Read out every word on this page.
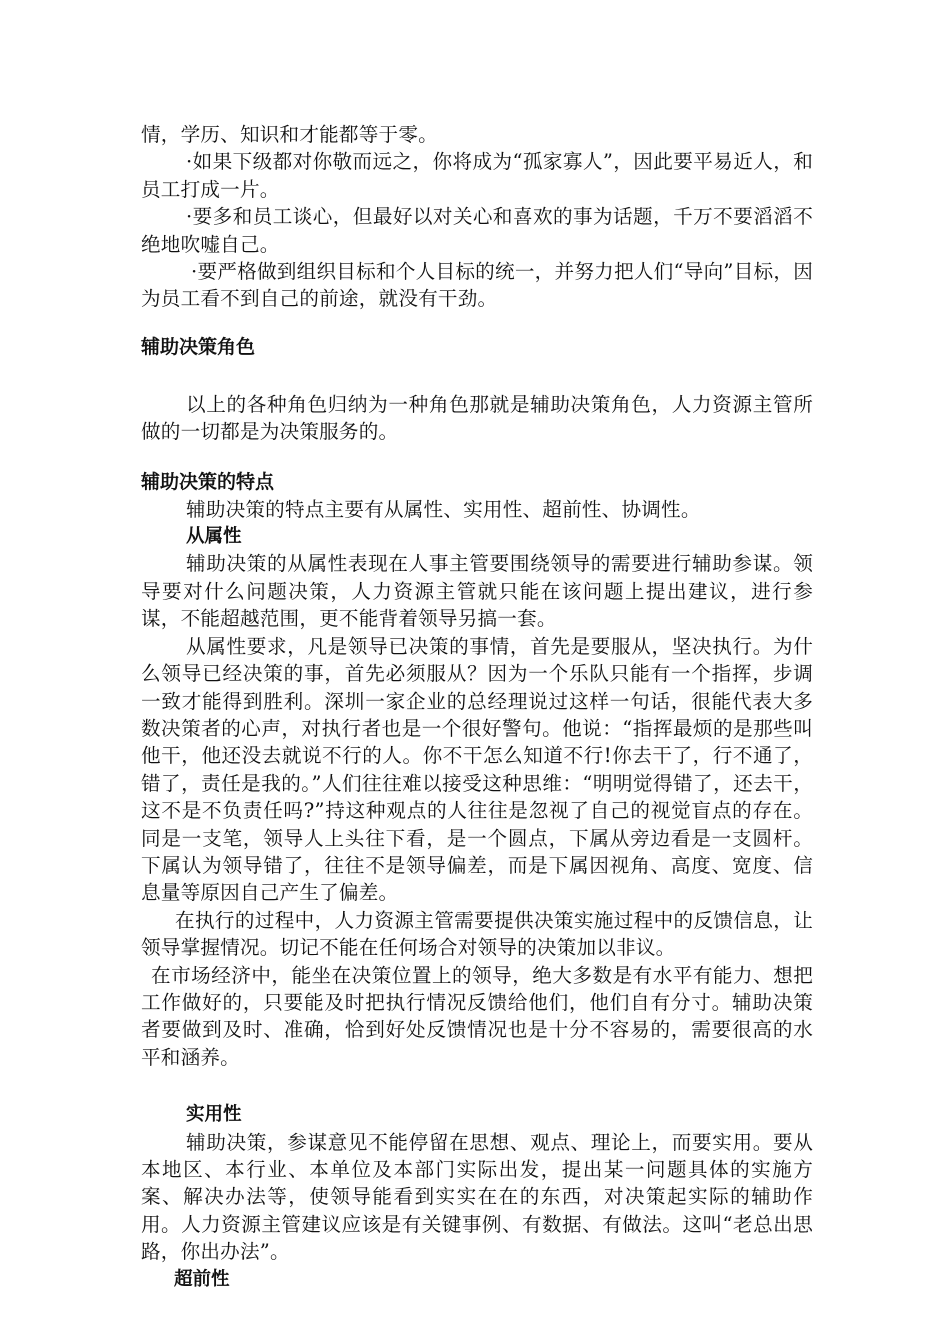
情，学历、知识和才能都等于零。

·如果下级都对你敬而远之，你将成为“孤家寡人”，因此要平易近人，和员工打成一片。

·要多和员工谈心，但最好以对关心和喜欢的事为话题，千万不要滔滔不绝地吹嘘自己。

·要严格做到组织目标和个人目标的统一，并努力把人们“导向”目标，因为员工看不到自己的前途，就没有干劲。

辅助决策角色

以上的各种角色归纳为一种角色那就是辅助决策角色，人力资源主管所做的一切都是为决策服务的。

辅助决策的特点

辅助决策的特点主要有从属性、实用性、超前性、协调性。

从属性

辅助决策的从属性表现在人事主管要围绕领导的需要进行辅助参谋。领导要对什么问题决策，人力资源主管就只能在该问题上提出建议，进行参谋，不能超越范围，更不能背着领导另搞一套。

从属性要求，凡是领导已决策的事情，首先是要服从，坚决执行。为什么领导已经决策的事，首先必须服从？因为一个乐队只能有一个指挥，步调一致才能得到胜利。深圳一家企业的总经理说过这样一句话，很能代表大多数决策者的心声，对执行者也是一个很好警句。他说：“指挥最烦的是那些叫他干，他还没去就说不行的人。你不干怎么知道不行!你去干了，行不通了，错了，责任是我的。”人们往往难以接受这种思维：“明明觉得错了，还去干，这不是不负责任吗?”持这种观点的人往往是忽视了自己的视觉盲点的存在。同是一支笔，领导人上头往下看，是一个圆点，下属从旁边看是一支圆杆。下属认为领导错了，往往不是领导偏差，而是下属因视角、高度、宽度、信息量等原因自己产生了偏差。

在执行的过程中，人力资源主管需要提供决策实施过程中的反馈信息，让领导掌握情况。切记不能在任何场合对领导的决策加以非议。

在市场经济中，能坐在决策位置上的领导，绝大多数是有水平有能力、想把工作做好的，只要能及时把执行情况反馈给他们，他们自有分寸。辅助决策者要做到及时、准确，恰到好处反馈情况也是十分不容易的，需要很高的水平和涵养。

实用性

辅助决策，参谋意见不能停留在思想、观点、理论上，而要实用。要从本地区、本行业、本单位及本部门实际出发，提出某一问题具体的实施方案、解决办法等，使领导能看到实实在在的东西，对决策起实际的辅助作用。人力资源主管建议应该是有关键事例、有数据、有做法。这叫“老总出思路，你出办法”。

超前性
